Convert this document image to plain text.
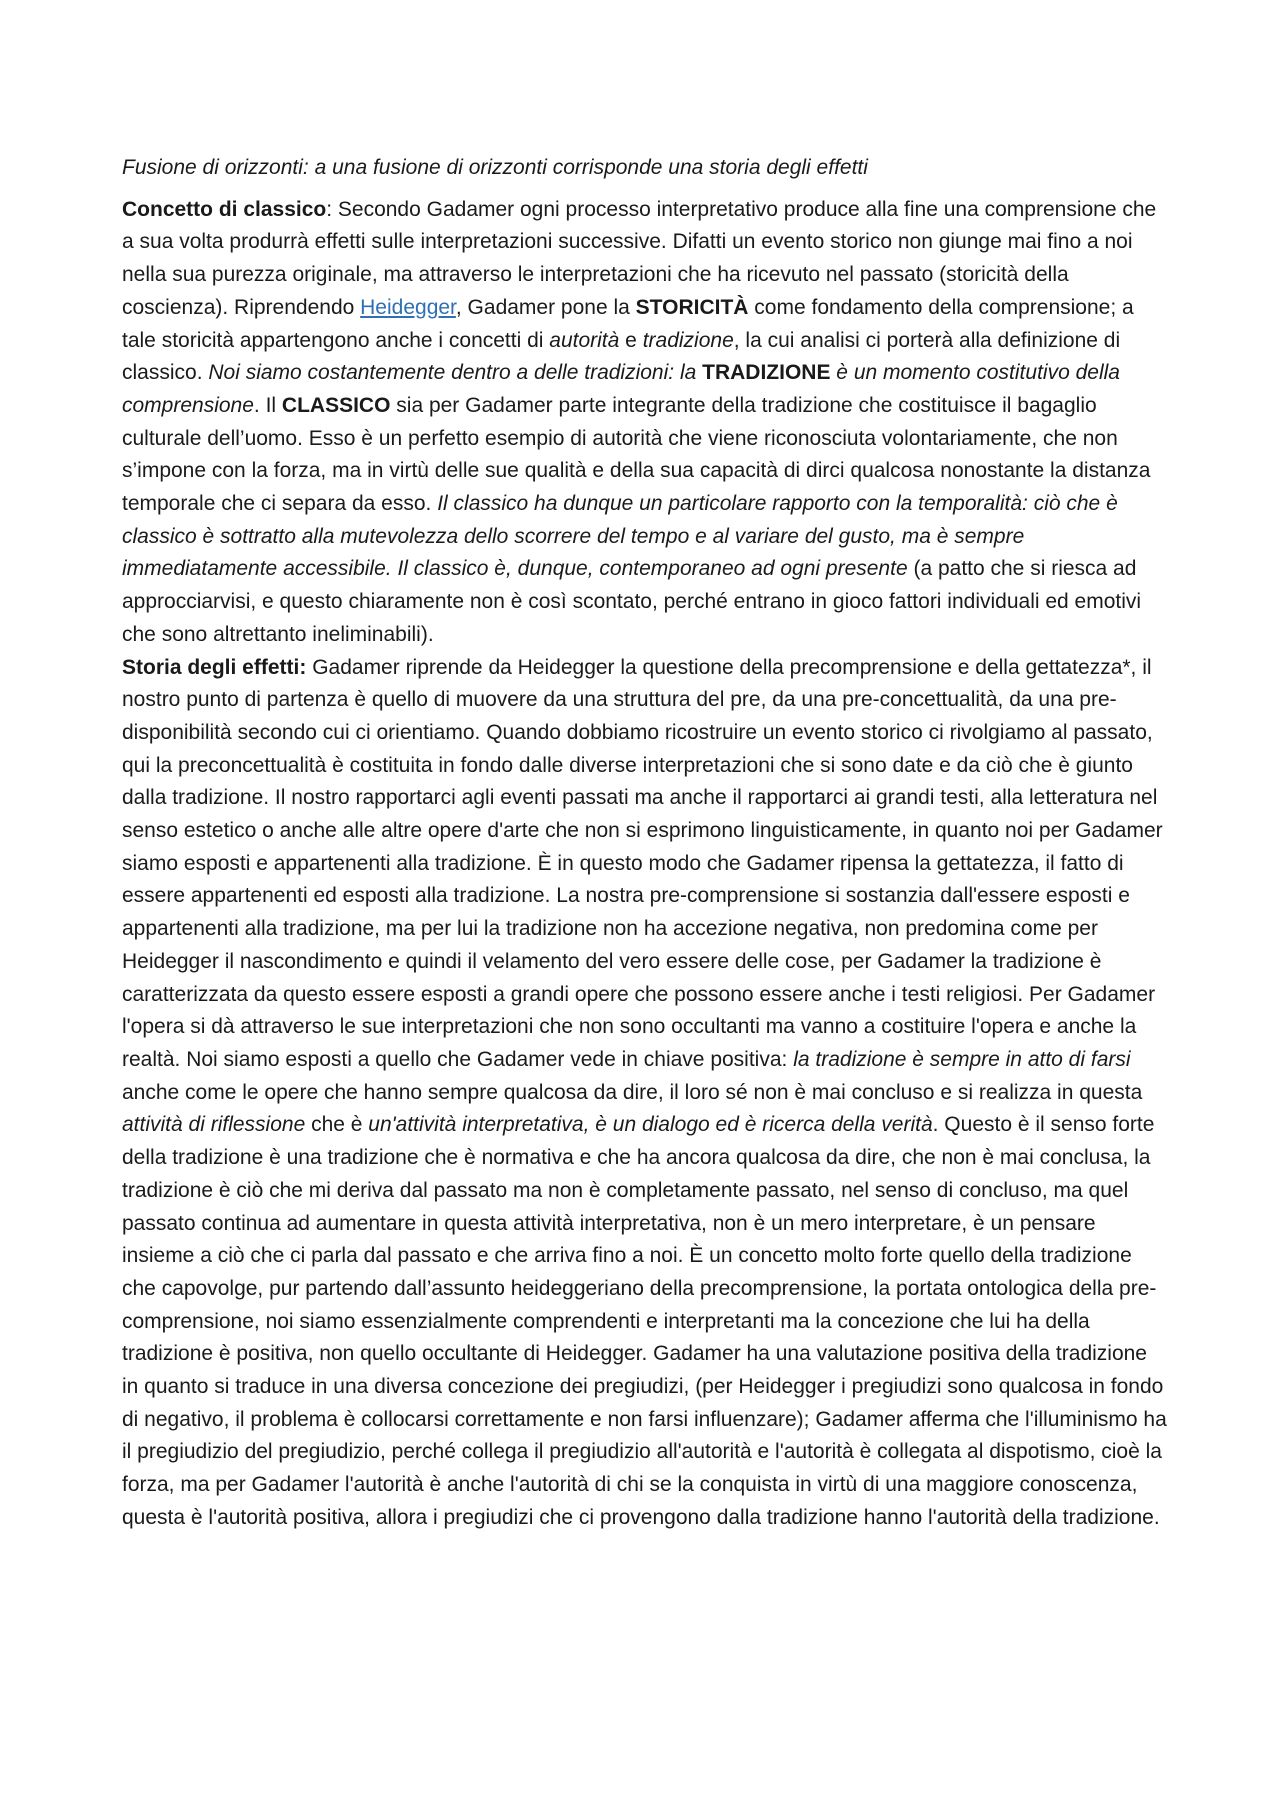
Fusione di orizzonti: a una fusione di orizzonti corrisponde una storia degli effetti

Concetto di classico: Secondo Gadamer ogni processo interpretativo produce alla fine una comprensione che a sua volta produrrà effetti sulle interpretazioni successive. Difatti un evento storico non giunge mai fino a noi nella sua purezza originale, ma attraverso le interpretazioni che ha ricevuto nel passato (storicità della coscienza). Riprendendo Heidegger, Gadamer pone la STORICITÀ come fondamento della comprensione; a tale storicità appartengono anche i concetti di autorità e tradizione, la cui analisi ci porterà alla definizione di classico. Noi siamo costantemente dentro a delle tradizioni: la TRADIZIONE è un momento costitutivo della comprensione. Il CLASSICO sia per Gadamer parte integrante della tradizione che costituisce il bagaglio culturale dell’uomo. Esso è un perfetto esempio di autorità che viene riconosciuta volontariamente, che non s’impone con la forza, ma in virtù delle sue qualità e della sua capacità di dirci qualcosa nonostante la distanza temporale che ci separa da esso. Il classico ha dunque un particolare rapporto con la temporalità: ciò che è classico è sottratto alla mutevolezza dello scorrere del tempo e al variare del gusto, ma è sempre immediatamente accessibile. Il classico è, dunque, contemporaneo ad ogni presente (a patto che si riesca ad approcciarvisi, e questo chiaramente non è così scontato, perché entrano in gioco fattori individuali ed emotivi che sono altrettanto ineliminabili).

Storia degli effetti: Gadamer riprende da Heidegger la questione della precomprensione e della gettatezza*, il nostro punto di partenza è quello di muovere da una struttura del pre, da una pre-concettualità, da una pre-disponibilità secondo cui ci orientiamo. Quando dobbiamo ricostruire un evento storico ci rivolgiamo al passato, qui la preconcettualità è costituita in fondo dalle diverse interpretazioni che si sono date e da ciò che è giunto dalla tradizione. Il nostro rapportarci agli eventi passati ma anche il rapportarci ai grandi testi, alla letteratura nel senso estetico o anche alle altre opere d'arte che non si esprimono linguisticamente, in quanto noi per Gadamer siamo esposti e appartenenti alla tradizione. È in questo modo che Gadamer ripensa la gettatezza, il fatto di essere appartenenti ed esposti alla tradizione. La nostra pre-comprensione si sostanzia dall'essere esposti e appartenenti alla tradizione, ma per lui la tradizione non ha accezione negativa, non predomina come per Heidegger il nascondimento e quindi il velamento del vero essere delle cose, per Gadamer la tradizione è caratterizzata da questo essere esposti a grandi opere che possono essere anche i testi religiosi. Per Gadamer l'opera si dà attraverso le sue interpretazioni che non sono occultanti ma vanno a costituire l'opera e anche la realtà. Noi siamo esposti a quello che Gadamer vede in chiave positiva: la tradizione è sempre in atto di farsi anche come le opere che hanno sempre qualcosa da dire, il loro sé non è mai concluso e si realizza in questa attività di riflessione che è un'attività interpretativa, è un dialogo ed è ricerca della verità. Questo è il senso forte della tradizione è una tradizione che è normativa e che ha ancora qualcosa da dire, che non è mai conclusa, la tradizione è ciò che mi deriva dal passato ma non è completamente passato, nel senso di concluso, ma quel passato continua ad aumentare in questa attività interpretativa, non è un mero interpretare, è un pensare insieme a ciò che ci parla dal passato e che arriva fino a noi. È un concetto molto forte quello della tradizione che capovolge, pur partendo dall’assunto heideggeriano della precomprensione, la portata ontologica della pre-comprensione, noi siamo essenzialmente comprendenti e interpretanti ma la concezione che lui ha della tradizione è positiva, non quello occultante di Heidegger. Gadamer ha una valutazione positiva della tradizione in quanto si traduce in una diversa concezione dei pregiudizi, (per Heidegger i pregiudizi sono qualcosa in fondo di negativo, il problema è collocarsi correttamente e non farsi influenzare); Gadamer afferma che l'illuminismo ha il pregiudizio del pregiudizio, perché collega il pregiudizio all'autorità e l'autorità è collegata al dispotismo, cioè la forza, ma per Gadamer l'autorità è anche l'autorità di chi se la conquista in virtù di una maggiore conoscenza, questa è l'autorità positiva, allora i pregiudizi che ci provengono dalla tradizione hanno l'autorità della tradizione.
